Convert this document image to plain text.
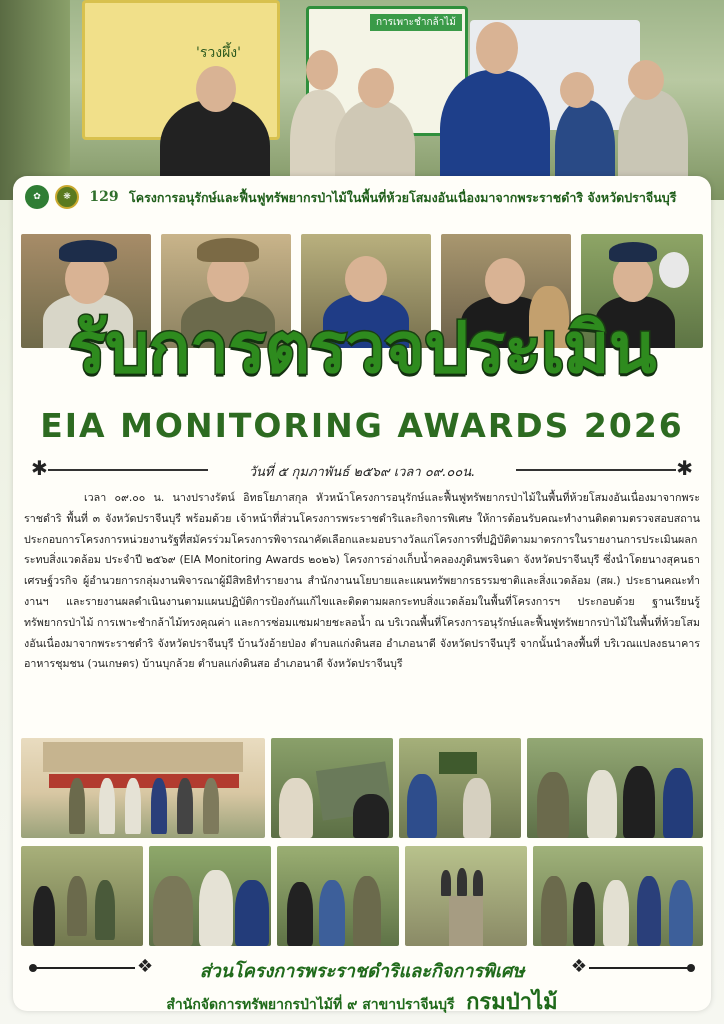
'รวงผึ้ง'
การเพาะชำกล้าไม้
✿	❋	129 โครงการอนุรักษ์และฟื้นฟูทรัพยากรป่าไม้ในพื้นที่ห้วยโสมงอันเนื่องมาจากพระราชดำริ จังหวัดปราจีนบุรี
รับการตรวจประเมิน
EIA MONITORING AWARDS 2026
✱	วันที่ ๕ กุมภาพันธ์ ๒๕๖๙ เวลา ๐๙.๐๐น.	✱

เวลา ๐๙.๐๐ น. นางปรางรัตน์ อิทธโยภาสกุล หัวหน้าโครงการอนุรักษ์และฟื้นฟูทรัพยากรป่าไม้ในพื้นที่ห้วยโสมงอันเนื่องมาจากพระราชดำริ พื้นที่ ๓ จังหวัดปราจีนบุรี พร้อมด้วย เจ้าหน้าที่ส่วนโครงการพระราชดำริและกิจการพิเศษ ให้การต้อนรับคณะทำงานติดตามตรวจสอบสถานประกอบการโครงการหน่วยงานรัฐที่สมัครร่วมโครงการพิจารณาคัดเลือกและมอบรางวัลแก่โครงการที่ปฏิบัติตามมาตรการในรายงานการประเมินผลกระทบสิ่งแวดล้อม ประจำปี ๒๕๖๙ (EIA Monitoring Awards ๒๐๒๖) โครงการอ่างเก็บน้ำคลองภูดินพรจินดา จังหวัดปราจีนบุรี ซึ่งนำโดยนางสุคนธา เศรษฐ์วรกิจ ผู้อำนวยการกลุ่มงานพิจารณาผู้มีสิทธิทำรายงาน สำนักงานนโยบายและแผนทรัพยากรธรรมชาติและสิ่งแวดล้อม (สผ.) ประธานคณะทำงานฯ และรายงานผลดำเนินงานตามแผนปฏิบัติการป้องกันแก้ไขและติดตามผลกระทบสิ่งแวดล้อมในพื้นที่โครงการฯ ประกอบด้วย ฐานเรียนรู้ทรัพยากรป่าไม้ การเพาะชำกล้าไม้ทรงคุณค่า และการซ่อมแซมฝายชะลอน้ำ ณ บริเวณพื้นที่โครงการอนุรักษ์และฟื้นฟูทรัพยากรป่าไม้ในพื้นที่ห้วยโสมงอันเนื่องมาจากพระราชดำริ จังหวัดปราจีนบุรี บ้านวังอ้ายป่อง ตำบลแก่งดินสอ อำเภอนาดี จังหวัดปราจีนบุรี จากนั้นนำลงพื้นที่ บริเวณแปลงธนาคารอาหารชุมชน (วนเกษตร) บ้านบุกล้วย ตำบลแก่งดินสอ อำเภอนาดี จังหวัดปราจีนบุรี

❖	ส่วนโครงการพระราชดำริและกิจการพิเศษ	❖
สำนักจัดการทรัพยากรป่าไม้ที่ ๙ สาขาปราจีนบุรี กรมป่าไม้
